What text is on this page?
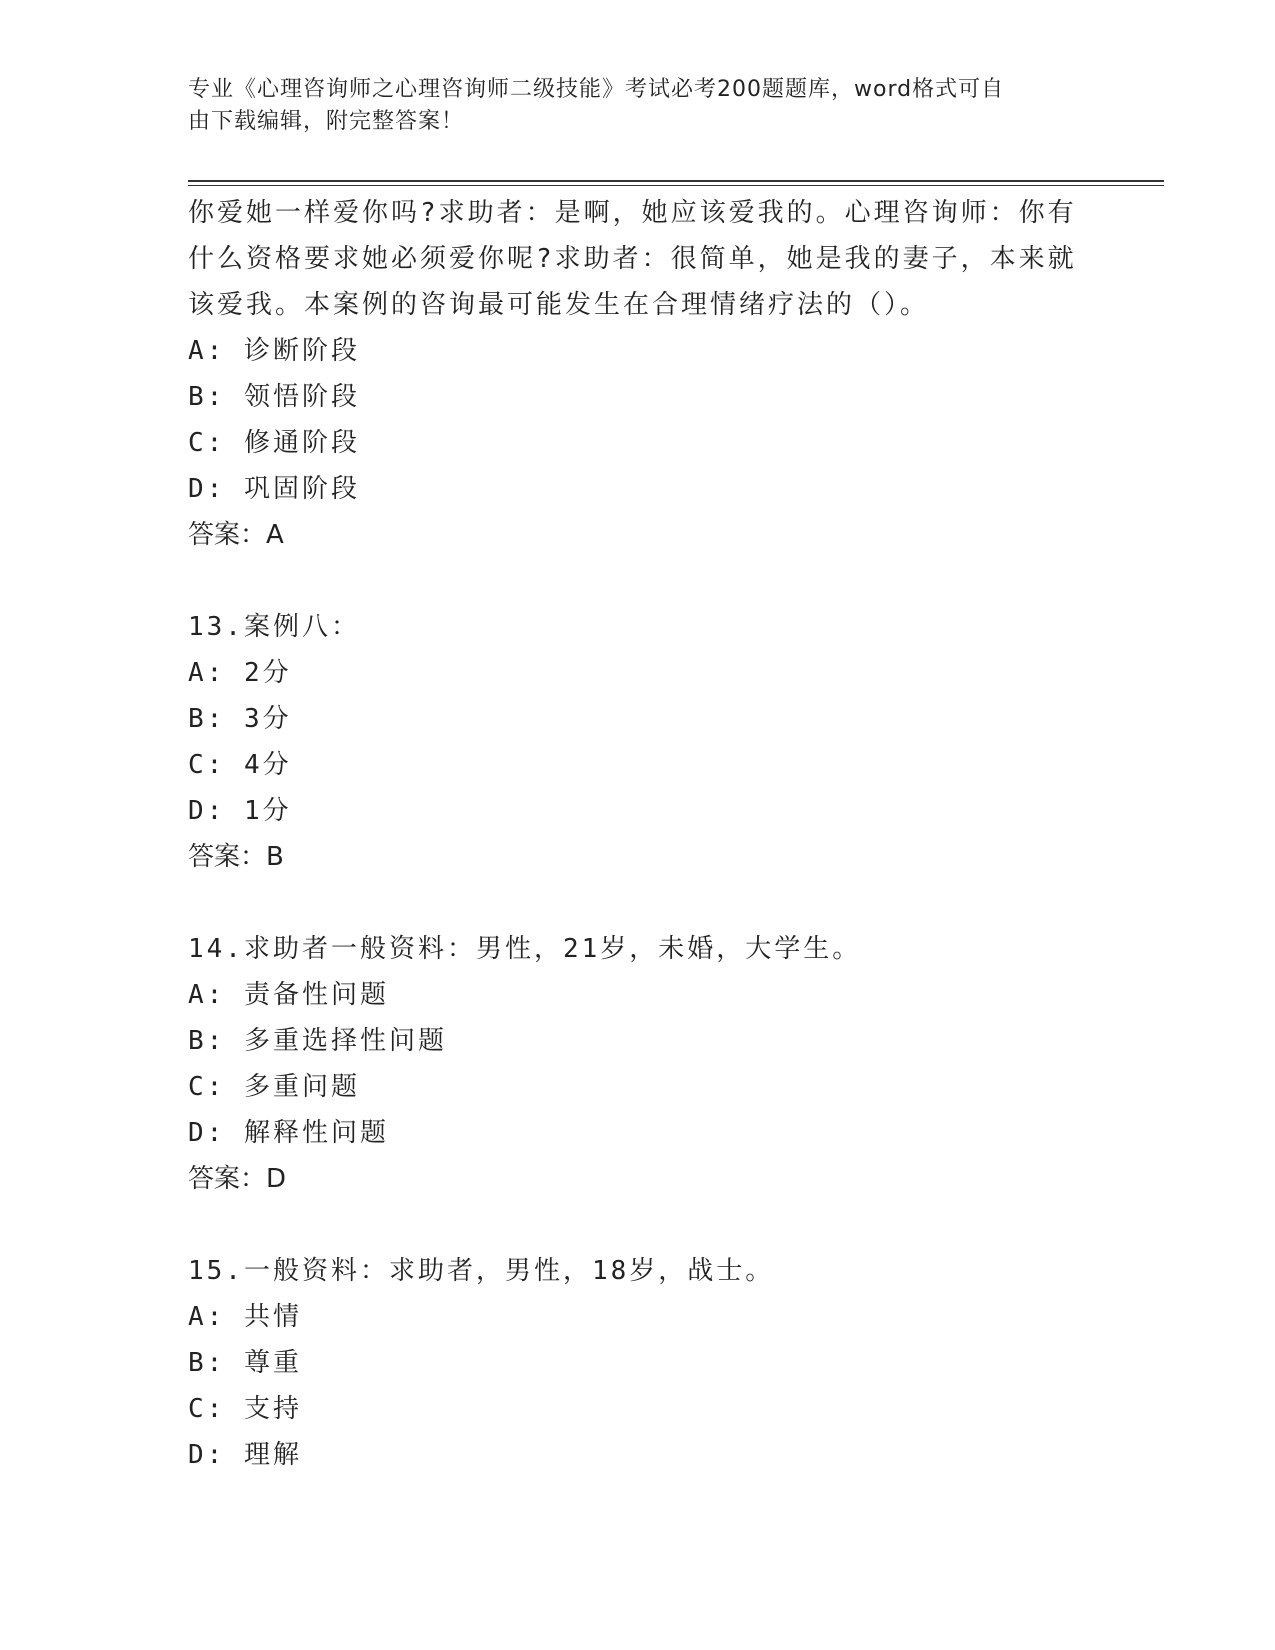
专业《心理咨询师之心理咨询师二级技能》考试必考200题题库，word格式可自
由下载编辑，附完整答案！

你爱她一样爱你吗?求助者：是啊，她应该爱我的。心理咨询师：你有

什么资格要求她必须爱你呢?求助者：很简单，她是我的妻子，本来就

该爱我。本案例的咨询最可能发生在合理情绪疗法的（）。

A: 诊断阶段

B: 领悟阶段

C: 修通阶段

D: 巩固阶段

答案：A

13.案例八：

A: 2分

B: 3分

C: 4分

D: 1分

答案：B

14.求助者一般资料：男性，21岁，未婚，大学生。

A: 责备性问题

B: 多重选择性问题

C: 多重问题

D: 解释性问题

答案：D

15.一般资料：求助者，男性，18岁，战士。

A: 共情

B: 尊重

C: 支持

D: 理解
